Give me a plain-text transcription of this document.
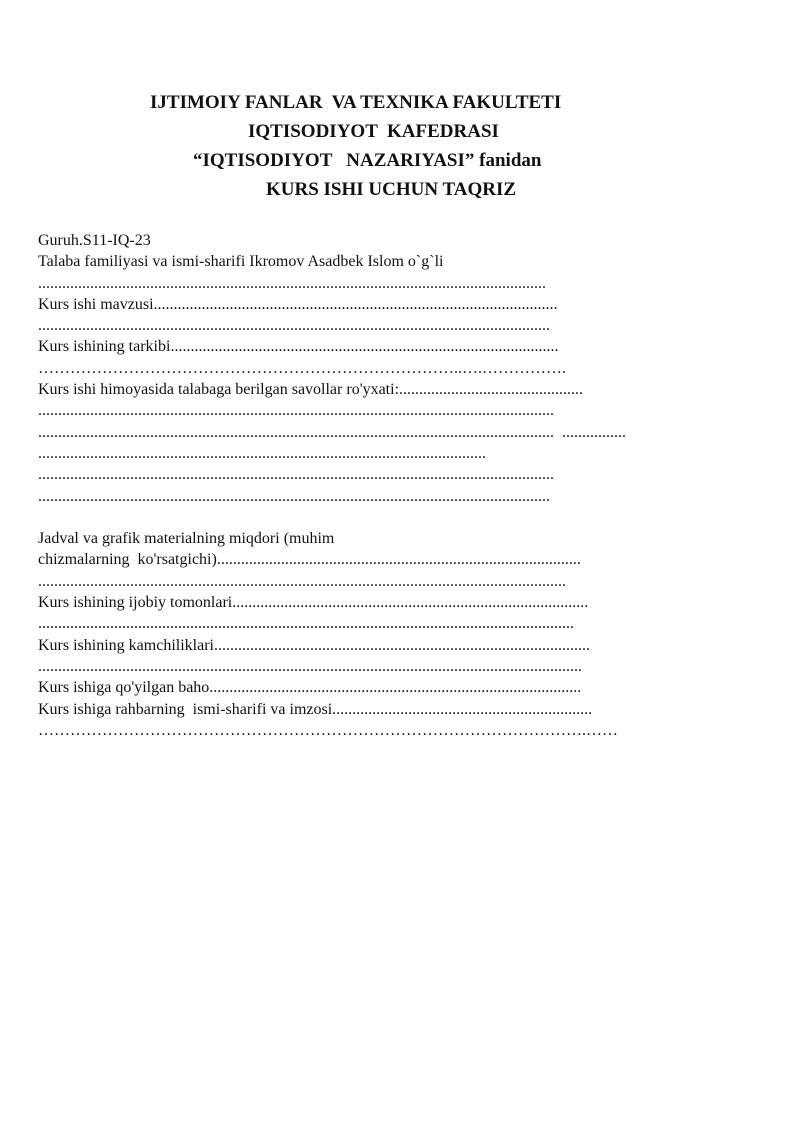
IJTIMOIY FANLAR  VA TEXNIKA FAKULTETI
IQTISODIYOT  KAFEDRASI
“IQTISODIYOT   NAZARIYASI” fanidan
KURS ISHI UCHUN TAQRIZ
Guruh.S11-IQ-23
Talaba familiyasi va ismi-sharifi Ikromov Asadbek Islom o`g`li
...............................................................................................................................
Kurs ishi mavzusi.....................................................................................................
................................................................................................................................
Kurs ishining tarkibi.................................................................................................
……………………………………………………………………..….…………….
Kurs ishi himoyasida talabaga berilgan savollar ro'yxati:..............................................
.................................................................................................................................
.................................................................................................................................  ................
................................................................................................................
.................................................................................................................................
................................................................................................................................
Jadval va grafik materialning miqdori (muhim
chizmalarning  ko'rsatgichi)...........................................................................................
....................................................................................................................................
Kurs ishining ijobiy tomonlari.........................................................................................
......................................................................................................................................
Kurs ishining kamchiliklari..............................................................................................
........................................................................................................................................
Kurs ishiga qo'yilgan baho.............................................................................................
Kurs ishiga rahbarning  ismi-sharifi va imzosi.................................................................
………………………………………………………………………………………….……
